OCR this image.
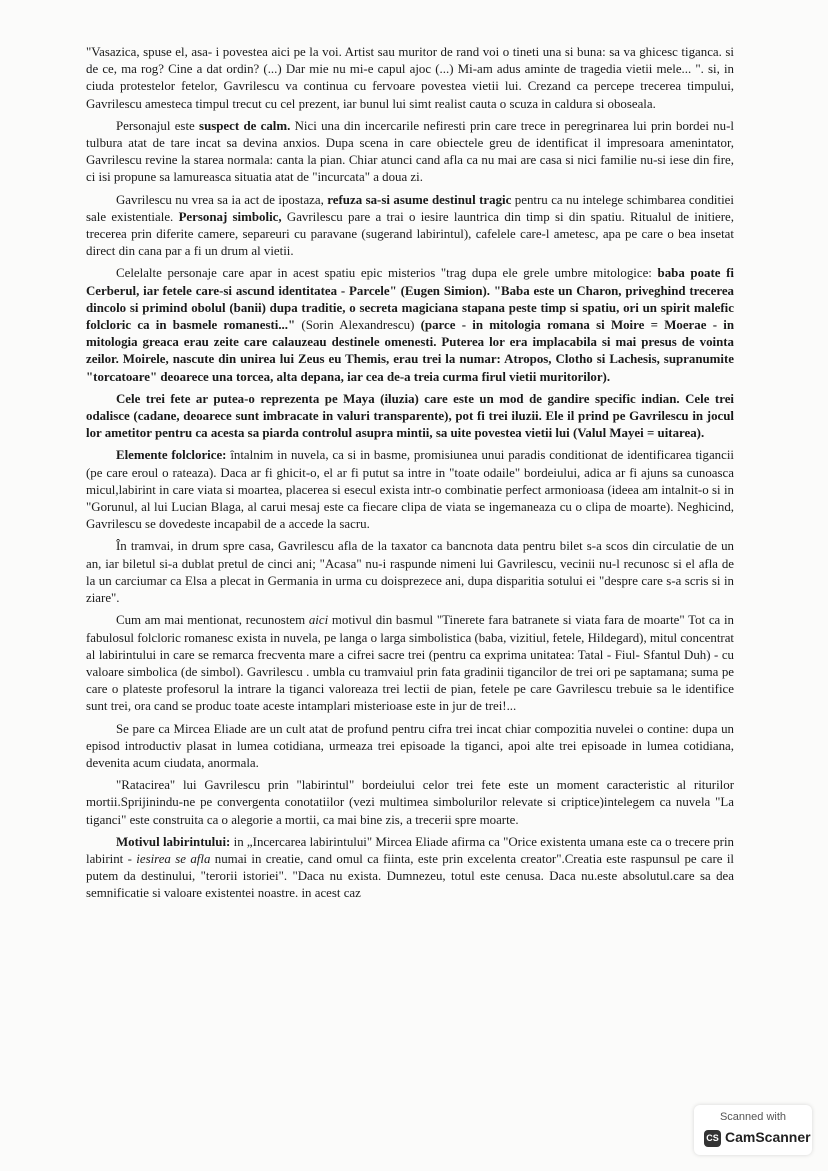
"Vasazica, spuse el, asa- i povestea aici pe la voi. Artist sau muritor de rand voi o tineti una si buna: sa va ghicesc tiganca. si de ce, ma rog? Cine a dat ordin? (...) Dar mie nu mi-e capul ajoc (...) Mi-am adus aminte de tragedia vietii mele... ". si, in ciuda protestelor fetelor, Gavrilescu va continua cu fervoare povestea vietii lui. Crezand ca percepe trecerea timpului, Gavrilescu amesteca timpul trecut cu cel prezent, iar bunul lui simt realist cauta o scuza in caldura si oboseala.

Personajul este suspect de calm. Nici una din incercarile nefiresti prin care trece in peregrinarea lui prin bordei nu-l tulbura atat de tare incat sa devina anxios. Dupa scena in care obiectele greu de identificat il impresoara amenintator, Gavrilescu revine la starea normala: canta la pian. Chiar atunci cand afla ca nu mai are casa si nici familie nu-si iese din fire, ci isi propune sa lamureasca situatia atat de "incurcata" a doua zi.

Gavrilescu nu vrea sa ia act de ipostaza, refuza sa-si asume destinul tragic pentru ca nu intelege schimbarea conditiei sale existentiale. Personaj simbolic, Gavrilescu pare a trai o iesire launtrica din timp si din spatiu. Ritualul de initiere, trecerea prin diferite camere, separeuri cu paravane (sugerand labirintul), cafelele care-l ametesc, apa pe care o bea insetat direct din cana par a fi un drum al vietii.

Celelalte personaje care apar in acest spatiu epic misterios "trag dupa ele grele umbre mitologice: baba poate fi Cerberul, iar fetele care-si ascund identitatea - Parcele" (Eugen Simion). "Baba este un Charon, priveghind trecerea dincolo si primind obolul (banii) dupa traditie, o secreta magiciana stapana peste timp si spatiu, ori un spirit malefic folcloric ca in basmele romanesti..." (Sorin Alexandrescu) (parce - in mitologia romana si Moire = Moerae - in mitologia greaca erau zeite care calauzeau destinele omenesti. Puterea lor era implacabila si mai presus de vointa zeilor. Moirele, nascute din unirea lui Zeus eu Themis, erau trei la numar: Atropos, Clotho si Lachesis, supranumite "torcatoare" deoarece una torcea, alta depana, iar cea de-a treia curma firul vietii muritorilor).

Cele trei fete ar putea-o reprezenta pe Maya (iluzia) care este un mod de gandire specific indian. Cele trei odalisce (cadane, deoarece sunt imbracate in valuri transparente), pot fi trei iluzii. Ele il prind pe Gavrilescu in jocul lor ametitor pentru ca acesta sa piarda controlul asupra mintii, sa uite povestea vietii lui (Valul Mayei = uitarea).

Elemente folclorice: întalnim in nuvela, ca si in basme, promisiunea unui paradis conditionat de identificarea tigancii (pe care eroul o rateaza). Daca ar fi ghicit-o, el ar fi putut sa intre in "toate odaile" bordeiului, adica ar fi ajuns sa cunoasca micul,labirint in care viata si moartea, placerea si esecul exista intr-o combinatie perfect armonioasa (ideea am intalnit-o si in "Gorunul, al lui Lucian Blaga, al carui mesaj este ca fiecare clipa de viata se ingemaneaza cu o clipa de moarte). Neghicind, Gavrilescu se dovedeste incapabil de a accede la sacru.

În tramvai, in drum spre casa, Gavrilescu afla de la taxator ca bancnota data pentru bilet s-a scos din circulatie de un an, iar biletul si-a dublat pretul de cinci ani; "Acasa" nu-i raspunde nimeni lui Gavrilescu, vecinii nu-l recunosc si el afla de la un carciumar ca Elsa a plecat in Germania in urma cu doisprezece ani, dupa disparitia sotului ei "despre care s-a scris si in ziare".

Cum am mai mentionat, recunostem aici motivul din basmul "Tinerete fara batranete si viata fara de moarte" Tot ca in fabulosul folcloric romanesc exista in nuvela, pe langa o larga simbolistica (baba, vizitiul, fetele, Hildegard), mitul concentrat al labirintului in care se remarca frecventa mare a cifrei sacre trei (pentru ca exprima unitatea: Tatal - Fiul- Sfantul Duh) - cu valoare simbolica (de simbol). Gavrilescu . umbla cu tramvaiul prin fata gradinii tigancilor de trei ori pe saptamana; suma pe care o plateste profesorul la intrare la tiganci valoreaza trei lectii de pian, fetele pe care Gavrilescu trebuie sa le identifice sunt trei, ora cand se produc toate aceste intamplari misterioase este in jur de trei!...

Se pare ca Mircea Eliade are un cult atat de profund pentru cifra trei incat chiar compozitia nuvelei o contine: dupa un episod introductiv plasat in lumea cotidiana, urmeaza trei episoade la tiganci, apoi alte trei episoade in lumea cotidiana, devenita acum ciudata, anormala.

"Ratacirea" lui Gavrilescu prin "labirintul" bordeiului celor trei fete este un moment caracteristic al riturilor mortii.Sprijinindu-ne pe convergenta conotatiilor (vezi multimea simbolurilor relevate si criptice)intelegem ca nuvela "La tiganci" este construita ca o alegorie a mortii, ca mai bine zis, a trecerii spre moarte.

Motivul labirintului: in „Incercarea labirintului" Mircea Eliade afirma ca "Orice existenta umana este ca o trecere prin labirint - iesirea se afla numai in creatie, cand omul ca fiinta, este prin excelenta creator".Creatia este raspunsul pe care il putem da destinului, "terorii istoriei". "Daca nu exista. Dumnezeu, totul este cenusa. Daca nu.este absolutul.care sa dea semnificatie si valoare existentei noastre. in acest caz

Scanned with
CS CamScanner
